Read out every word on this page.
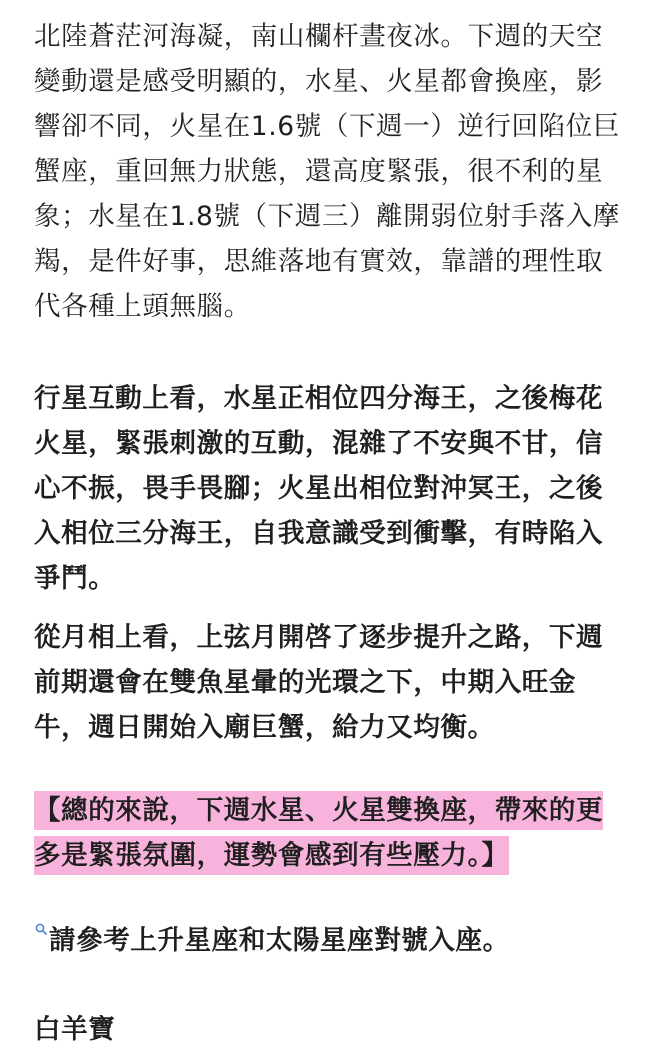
北陸蒼茫河海凝，南山欄杆晝夜冰。下週的天空變動還是感受明顯的，水星、火星都會換座，影響卻不同，火星在1.6號（下週一）逆行回陷位巨蟹座，重回無力狀態，還高度緊張，很不利的星象；水星在1.8號（下週三）離開弱位射手落入摩羯，是件好事，思維落地有實效，靠譜的理性取代各種上頭無腦。

行星互動上看，水星正相位四分海王，之後梅花火星，緊張刺激的互動，混雜了不安與不甘，信心不振，畏手畏腳；火星出相位對沖冥王，之後入相位三分海王，自我意識受到衝擊，有時陷入爭鬥。

從月相上看，上弦月開啓了逐步提升之路，下週前期還會在雙魚星暈的光環之下，中期入旺金牛，週日開始入廟巨蟹，給力又均衡。

【總的來說，下週水星、火星雙換座，帶來的更多是緊張氛圍，運勢會感到有些壓力。】

請參考上升星座和太陽星座對號入座。

白羊寶
